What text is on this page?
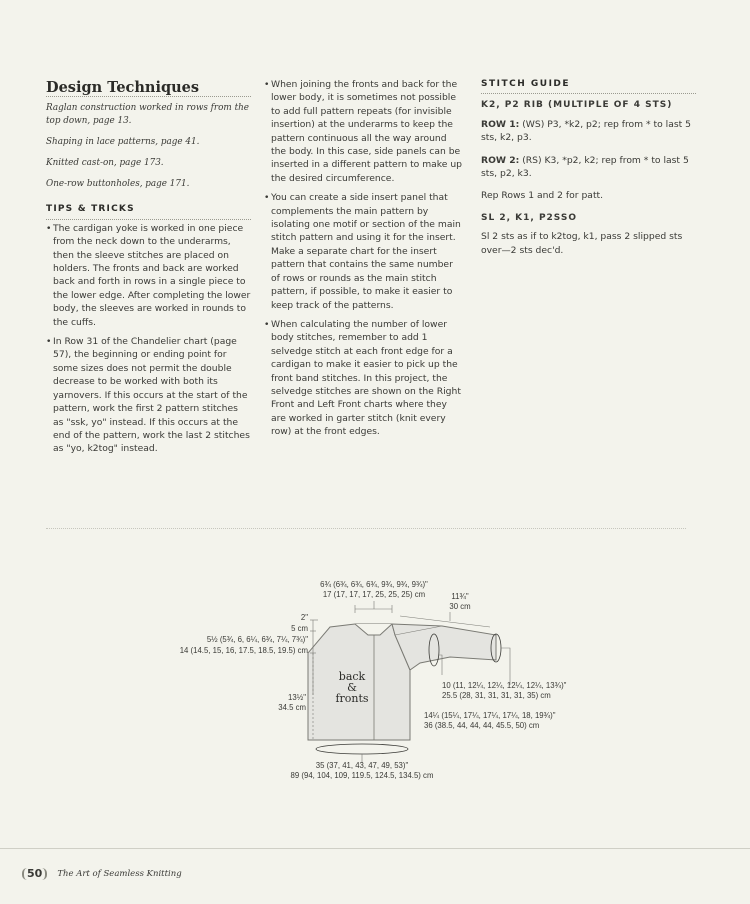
Design Techniques

Raglan construction worked in rows from the top down, page 13.

Shaping in lace patterns, page 41.

Knitted cast-on, page 173.

One-row buttonholes, page 171.

TIPS & TRICKS
• The cardigan yoke is worked in one piece from the neck down to the underarms, then the sleeve stitches are placed on holders. The fronts and back are worked back and forth in rows in a single piece to the lower edge. After completing the lower body, the sleeves are worked in rounds to the cuffs.
• In Row 31 of the Chandelier chart (page 57), the beginning or ending point for some sizes does not permit the double decrease to be worked with both its yarnovers. If this occurs at the start of the pattern, work the first 2 pattern stitches as "ssk, yo" instead. If this occurs at the end of the pattern, work the last 2 stitches as "yo, k2tog" instead.
• When joining the fronts and back for the lower body, it is sometimes not possible to add full pattern repeats (for invisible insertion) at the underarms to keep the pattern continuous all the way around the body. In this case, side panels can be inserted in a different pattern to make up the desired circumference.
• You can create a side insert panel that complements the main pattern by isolating one motif or section of the main stitch pattern and using it for the insert. Make a separate chart for the insert pattern that contains the same number of rows or rounds as the main stitch pattern, if possible, to make it easier to keep track of the patterns.
• When calculating the number of lower body stitches, remember to add 1 selvedge stitch at each front edge for a cardigan to make it easier to pick up the front band stitches. In this project, the selvedge stitches are shown on the Right Front and Left Front charts where they are worked in garter stitch (knit every row) at the front edges.
STITCH GUIDE

K2, P2 RIB (MULTIPLE OF 4 STS)

ROW 1: (WS) P3, *k2, p2; rep from * to last 5 sts, k2, p3.

ROW 2: (RS) K3, *p2, k2; rep from * to last 5 sts, p2, k3.

Rep Rows 1 and 2 for patt.

SL 2, K1, P2SSO

Sl 2 sts as if to k2tog, k1, pass 2 slipped sts over—2 sts dec'd.

6¾ (6¾, 6¾, 6¾, 9¾, 9¾, 9¾)"
17 (17, 17, 17, 25, 25, 25) cm	11¾"
30 cm
2"
5 cm
5½ (5¾, 6, 6¼, 6¾, 7¼, 7¾)"
14 (14.5, 15, 16, 17.5, 18.5, 19.5) cm
13½"
34.5 cm
back
&
fronts
10 (11, 12¼, 12¼, 12¼, 12¼, 13¾)"
25.5 (28, 31, 31, 31, 31, 35) cm
14¼ (15¼, 17¼, 17¼, 17¼, 18, 19¾)"
36 (38.5, 44, 44, 44, 45.5, 50) cm
35 (37, 41, 43, 47, 49, 53)"
89 (94, 104, 109, 119.5, 124.5, 134.5) cm
50	The Art of Seamless Knitting
